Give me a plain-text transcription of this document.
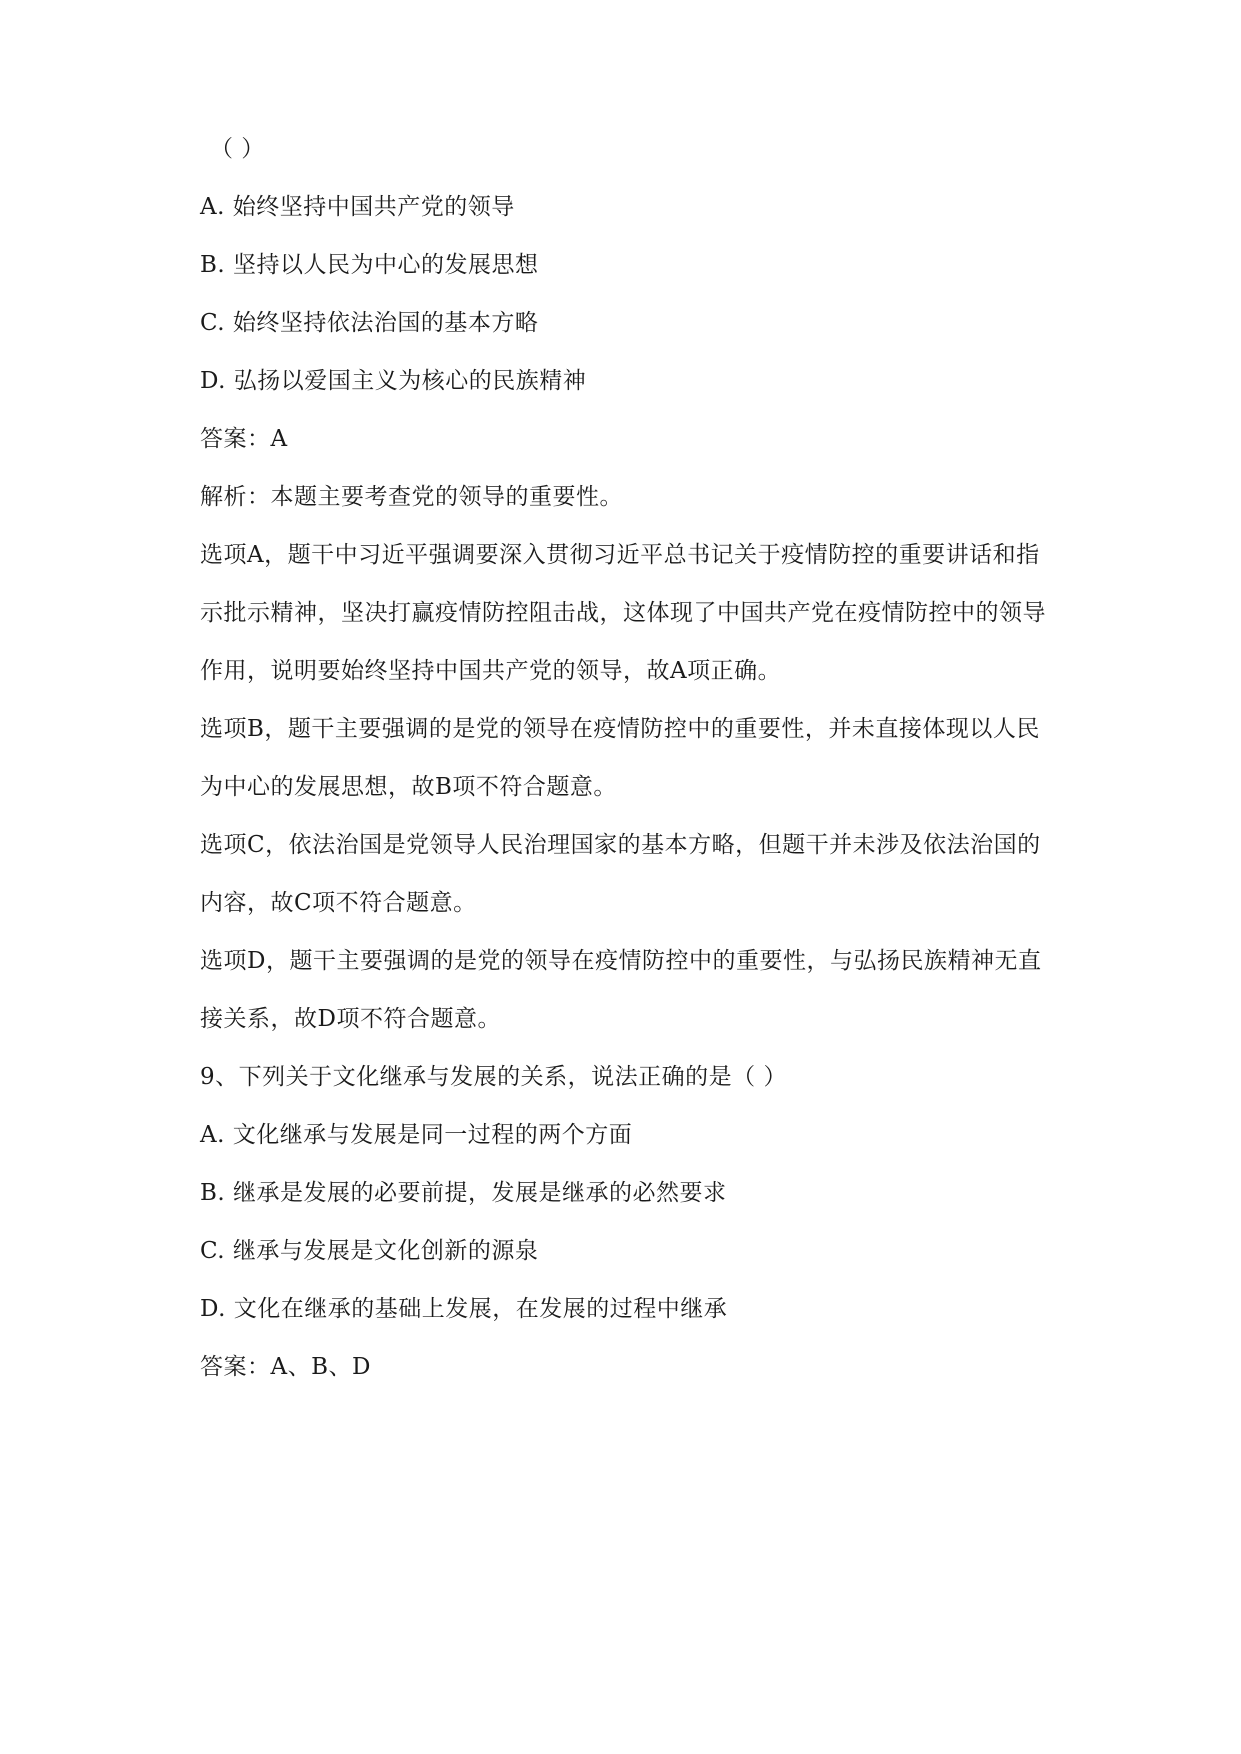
（ ）
A. 始终坚持中国共产党的领导
B. 坚持以人民为中心的发展思想
C. 始终坚持依法治国的基本方略
D. 弘扬以爱国主义为核心的民族精神
答案：A
解析：本题主要考查党的领导的重要性。
选项A，题干中习近平强调要深入贯彻习近平总书记关于疫情防控的重要讲话和指
示批示精神，坚决打赢疫情防控阻击战，这体现了中国共产党在疫情防控中的领导
作用，说明要始终坚持中国共产党的领导，故A项正确。
选项B，题干主要强调的是党的领导在疫情防控中的重要性，并未直接体现以人民
为中心的发展思想，故B项不符合题意。
选项C，依法治国是党领导人民治理国家的基本方略，但题干并未涉及依法治国的
内容，故C项不符合题意。
选项D，题干主要强调的是党的领导在疫情防控中的重要性，与弘扬民族精神无直
接关系，故D项不符合题意。
9、下列关于文化继承与发展的关系，说法正确的是（ ）
A. 文化继承与发展是同一过程的两个方面
B. 继承是发展的必要前提，发展是继承的必然要求
C. 继承与发展是文化创新的源泉
D. 文化在继承的基础上发展，在发展的过程中继承
答案：A、B、D
